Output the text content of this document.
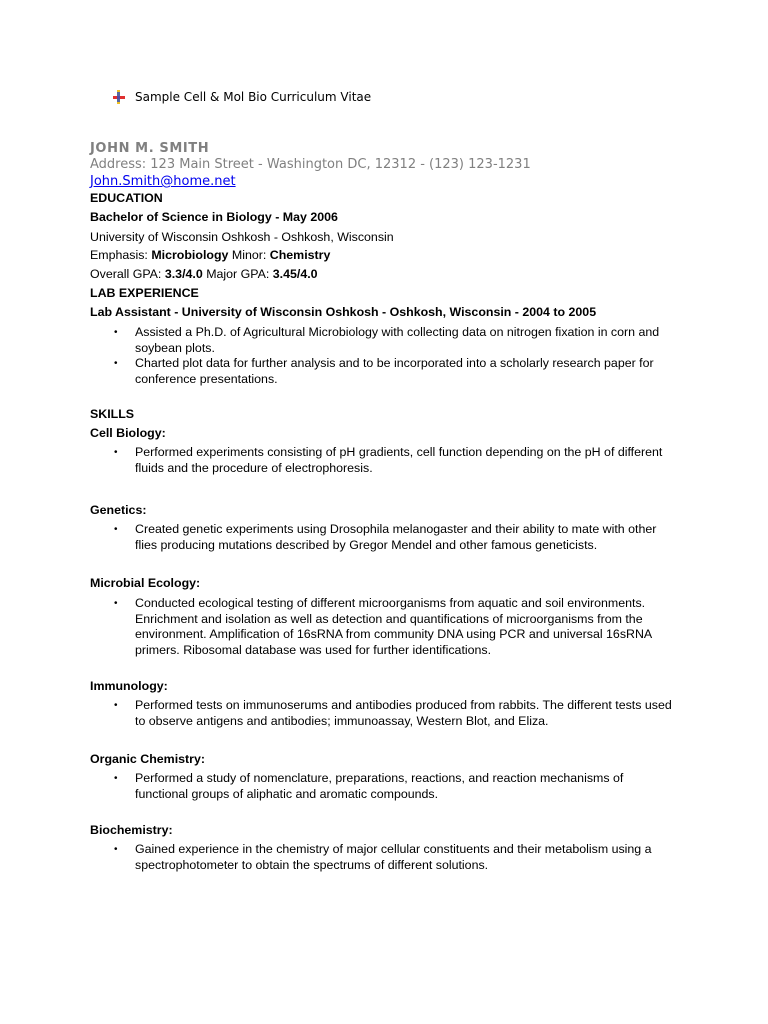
Sample Cell & Mol Bio Curriculum Vitae
JOHN M. SMITH
Address: 123 Main Street - Washington DC, 12312 - (123) 123-1231
John.Smith@home.net
EDUCATION
Bachelor of Science in Biology - May 2006
University of Wisconsin Oshkosh - Oshkosh, Wisconsin
Emphasis: Microbiology Minor: Chemistry
Overall GPA: 3.3/4.0 Major GPA: 3.45/4.0
LAB EXPERIENCE
Lab Assistant - University of Wisconsin Oshkosh - Oshkosh, Wisconsin - 2004 to 2005
• Assisted a Ph.D. of Agricultural Microbiology with collecting data on nitrogen fixation in corn and soybean plots.
• Charted plot data for further analysis and to be incorporated into a scholarly research paper for conference presentations.
SKILLS
Cell Biology:
• Performed experiments consisting of pH gradients, cell function depending on the pH of different fluids and the procedure of electrophoresis.
Genetics:
• Created genetic experiments using Drosophila melanogaster and their ability to mate with other flies producing mutations described by Gregor Mendel and other famous geneticists.
Microbial Ecology:
• Conducted ecological testing of different microorganisms from aquatic and soil environments. Enrichment and isolation as well as detection and quantifications of microorganisms from the environment. Amplification of 16sRNA from community DNA using PCR and universal 16sRNA primers. Ribosomal database was used for further identifications.
Immunology:
• Performed tests on immunoserums and antibodies produced from rabbits. The different tests used to observe antigens and antibodies; immunoassay, Western Blot, and Eliza.
Organic Chemistry:
• Performed a study of nomenclature, preparations, reactions, and reaction mechanisms of functional groups of aliphatic and aromatic compounds.
Biochemistry:
• Gained experience in the chemistry of major cellular constituents and their metabolism using a spectrophotometer to obtain the spectrums of different solutions.
